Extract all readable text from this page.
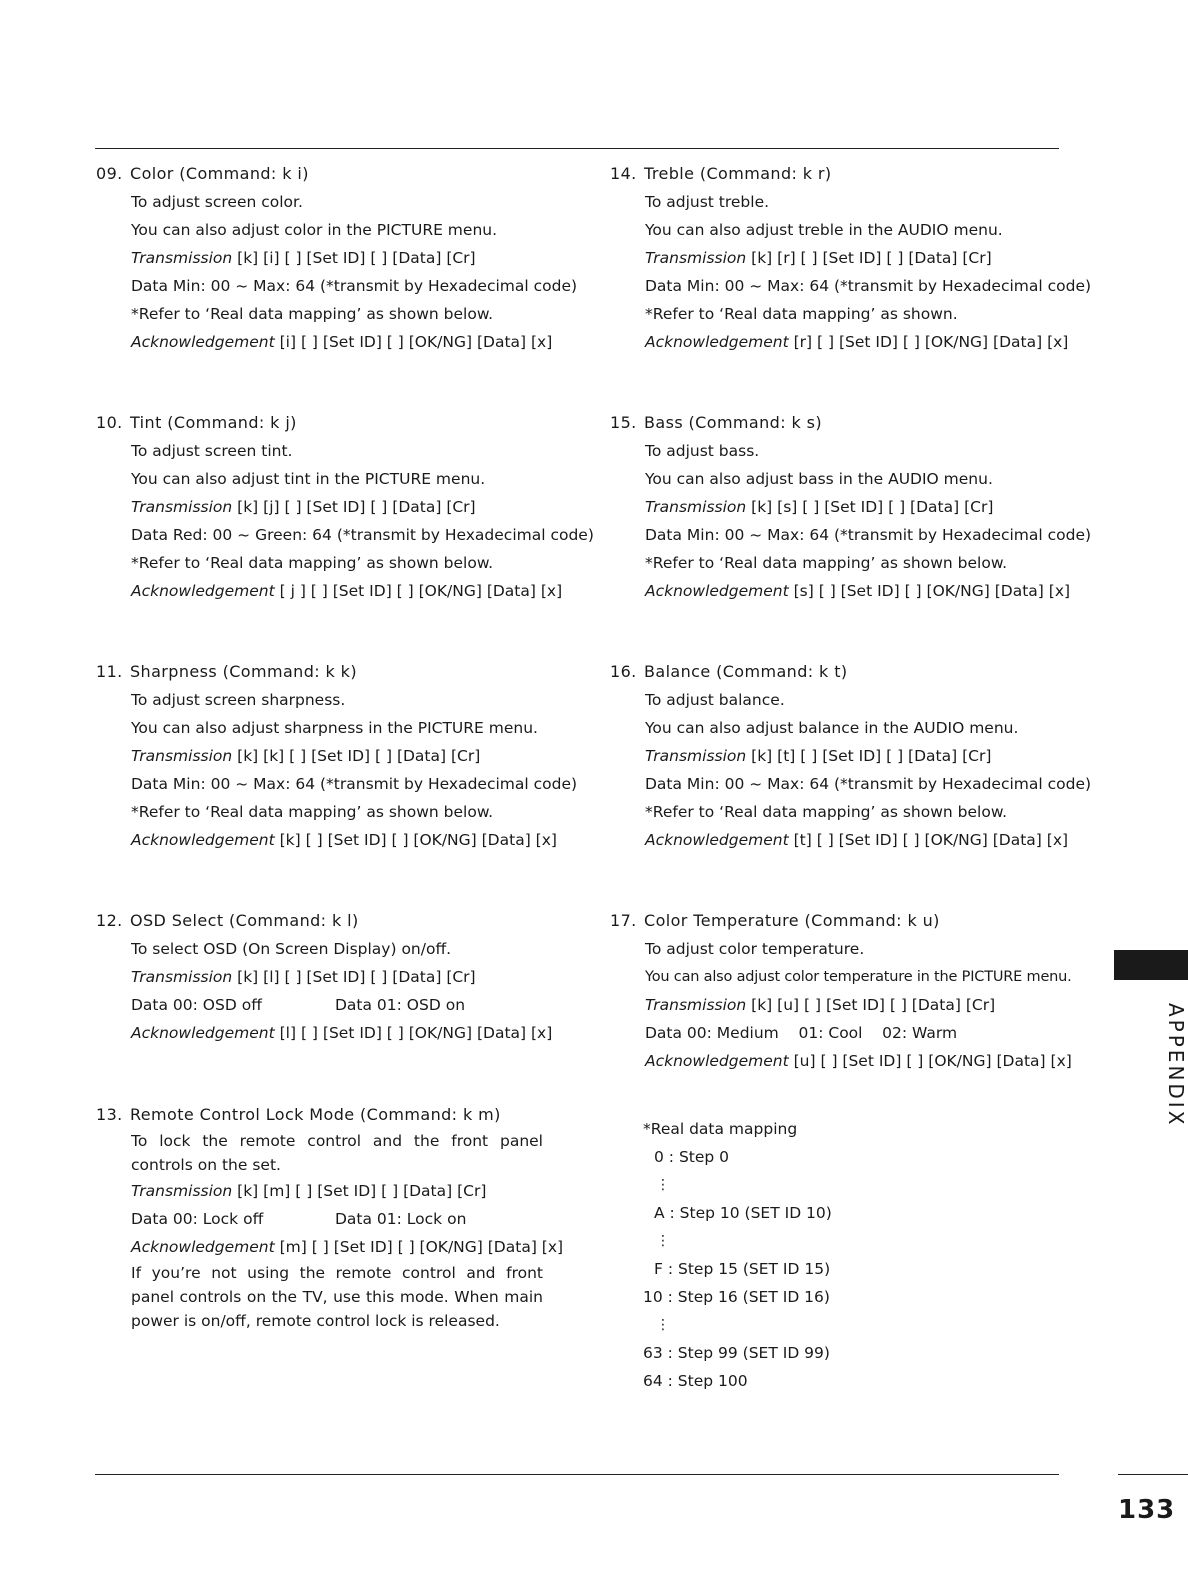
09. Color (Command: k i)
To adjust screen color.
You can also adjust color in the PICTURE menu.
Transmission [k] [i] [ ] [Set ID] [ ] [Data] [Cr]
Data Min: 00 ~ Max: 64 (*transmit by Hexadecimal code)
*Refer to ‘Real data mapping’ as shown below.
Acknowledgement [i] [ ] [Set ID] [ ] [OK/NG] [Data] [x]
10. Tint (Command: k j)
To adjust screen tint.
You can also adjust tint in the PICTURE menu.
Transmission [k] [j] [ ] [Set ID] [ ] [Data] [Cr]
Data Red: 00 ~ Green: 64 (*transmit by Hexadecimal code)
*Refer to ‘Real data mapping’ as shown below.
Acknowledgement [ j ] [ ] [Set ID] [ ] [OK/NG] [Data] [x]
11. Sharpness (Command: k k)
To adjust screen sharpness.
You can also adjust sharpness in the PICTURE menu.
Transmission [k] [k] [ ] [Set ID] [ ] [Data] [Cr]
Data Min: 00 ~ Max: 64 (*transmit by Hexadecimal code)
*Refer to ‘Real data mapping’ as shown below.
Acknowledgement [k] [ ] [Set ID] [ ] [OK/NG] [Data] [x]
12. OSD Select (Command: k l)
To select OSD (On Screen Display) on/off.
Transmission [k] [l] [ ] [Set ID] [ ] [Data] [Cr]
Data 00: OSD off	Data 01: OSD on
Acknowledgement [l] [ ] [Set ID] [ ] [OK/NG] [Data] [x]
13. Remote Control Lock Mode (Command: k m)
To lock the remote control and the front panel controls on the set.
Transmission [k] [m] [ ] [Set ID] [ ] [Data] [Cr]
Data 00: Lock off	Data 01: Lock on
Acknowledgement [m] [ ] [Set ID] [ ] [OK/NG] [Data] [x]
If you’re not using the remote control and front panel controls on the TV, use this mode. When main power is on/off, remote control lock is released.
14. Treble (Command: k r)
To adjust treble.
You can also adjust treble in the AUDIO menu.
Transmission [k] [r] [ ] [Set ID] [ ] [Data] [Cr]
Data Min: 00 ~ Max: 64 (*transmit by Hexadecimal code)
*Refer to ‘Real data mapping’ as shown.
Acknowledgement [r] [ ] [Set ID] [ ] [OK/NG] [Data] [x]
15. Bass (Command: k s)
To adjust bass.
You can also adjust bass in the AUDIO menu.
Transmission [k] [s] [ ] [Set ID] [ ] [Data] [Cr]
Data Min: 00 ~ Max: 64 (*transmit by Hexadecimal code)
*Refer to ‘Real data mapping’ as shown below.
Acknowledgement [s] [ ] [Set ID] [ ] [OK/NG] [Data] [x]
16. Balance (Command: k t)
To adjust balance.
You can also adjust balance in the AUDIO menu.
Transmission [k] [t] [ ] [Set ID] [ ] [Data] [Cr]
Data Min: 00 ~ Max: 64 (*transmit by Hexadecimal code)
*Refer to ‘Real data mapping’ as shown below.
Acknowledgement [t] [ ] [Set ID] [ ] [OK/NG] [Data] [x]
17. Color Temperature (Command: k u)
To adjust color temperature.
You can also adjust color temperature in the PICTURE menu.
Transmission [k] [u] [ ] [Set ID] [ ] [Data] [Cr]
Data 00: Medium    01: Cool    02: Warm
Acknowledgement [u] [ ] [Set ID] [ ] [OK/NG] [Data] [x]
*Real data mapping
0 : Step 0
⋮
A : Step 10 (SET ID 10)
⋮
F : Step 15 (SET ID 15)
10 : Step 16 (SET ID 16)
⋮
63 : Step 99 (SET ID 99)
64 : Step 100
APPENDIX
133
